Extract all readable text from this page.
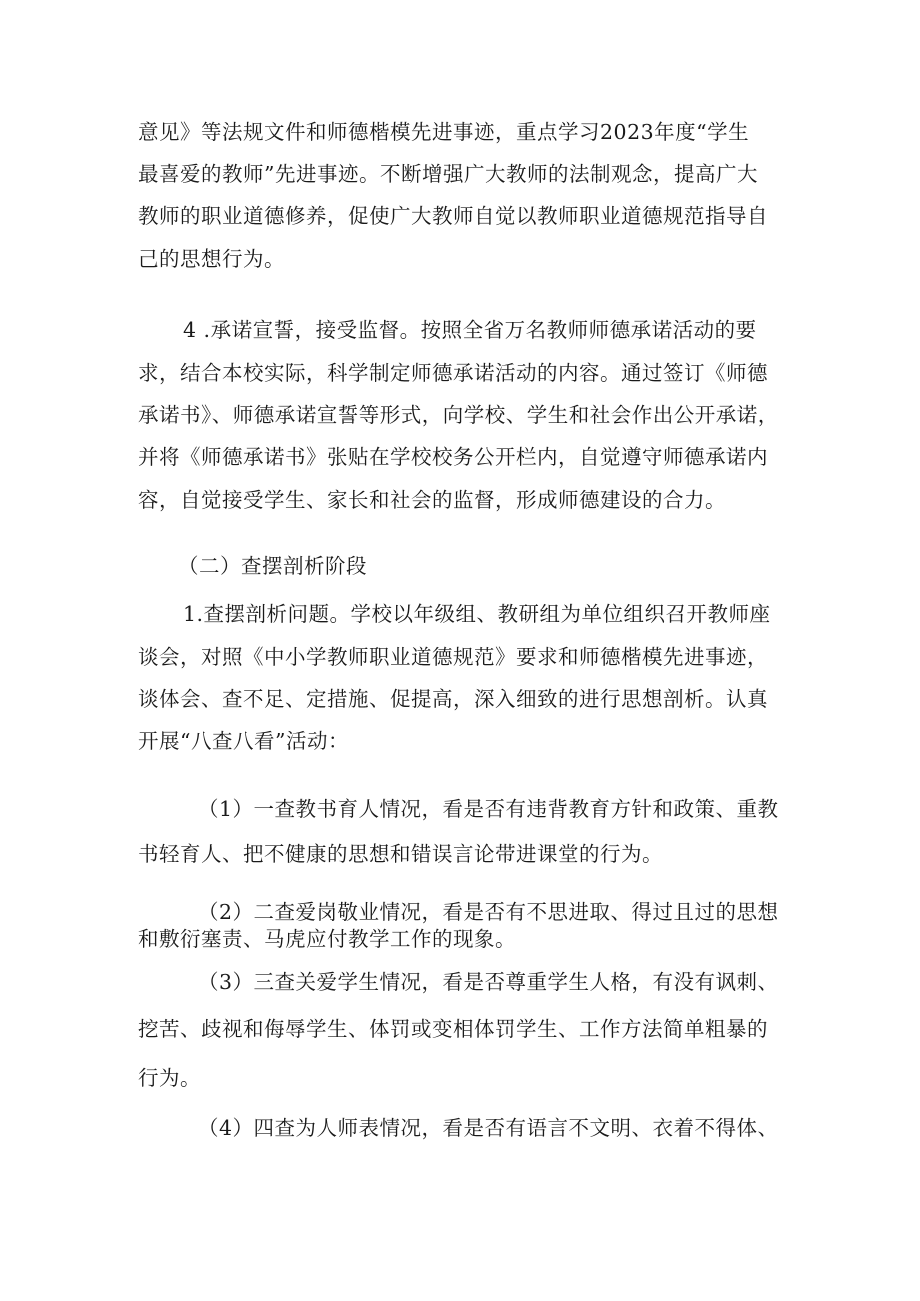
意见》等法规文件和师德楷模先进事迹，重点学习2023年度“学生
最喜爱的教师”先进事迹。不断增强广大教师的法制观念，提高广大
教师的职业道德修养，促使广大教师自觉以教师职业道德规范指导自
己的思想行为。
4 .承诺宣誓，接受监督。按照全省万名教师师德承诺活动的要
求，结合本校实际，科学制定师德承诺活动的内容。通过签订《师德
承诺书》、师德承诺宣誓等形式，向学校、学生和社会作出公开承诺，
并将《师德承诺书》张贴在学校校务公开栏内，自觉遵守师德承诺内
容，自觉接受学生、家长和社会的监督，形成师德建设的合力。
（二）查摆剖析阶段
1.查摆剖析问题。学校以年级组、教研组为单位组织召开教师座
谈会，对照《中小学教师职业道德规范》要求和师德楷模先进事迹，
谈体会、查不足、定措施、促提高，深入细致的进行思想剖析。认真
开展“八查八看”活动：
（1）一查教书育人情况，看是否有违背教育方针和政策、重教
书轻育人、把不健康的思想和错误言论带进课堂的行为。
（2）二查爱岗敬业情况，看是否有不思进取、得过且过的思想
和敷衍塞责、马虎应付教学工作的现象。
（3）三查关爱学生情况，看是否尊重学生人格，有没有讽刺、
挖苦、歧视和侮辱学生、体罚或变相体罚学生、工作方法简单粗暴的
行为。
（4）四查为人师表情况，看是否有语言不文明、衣着不得体、
